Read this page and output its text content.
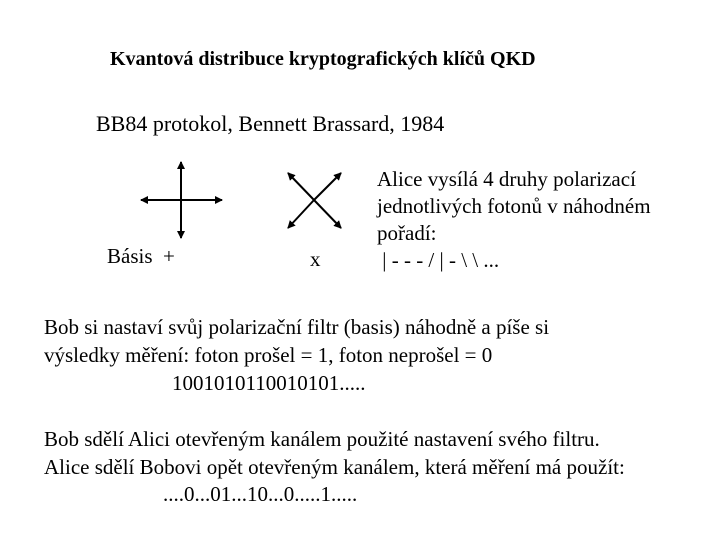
Kvantová distribuce kryptografických klíčů QKD
BB84 protokol, Bennett Brassard, 1984
Básis  +	x
Alice vysílá 4 druhy polarizací
jednotlivých fotonů v náhodném
pořadí:
| - - - / | - \ \ ...
Bob si nastaví svůj polarizační filtr (basis) náhodně a píše si
výsledky měření: foton prošel = 1, foton neprošel = 0
1001010110010101.....
Bob sdělí Alici otevřeným kanálem použité nastavení svého filtru.
Alice sdělí Bobovi opět otevřeným kanálem, která měření má použít:
....0...01...10...0.....1.....
